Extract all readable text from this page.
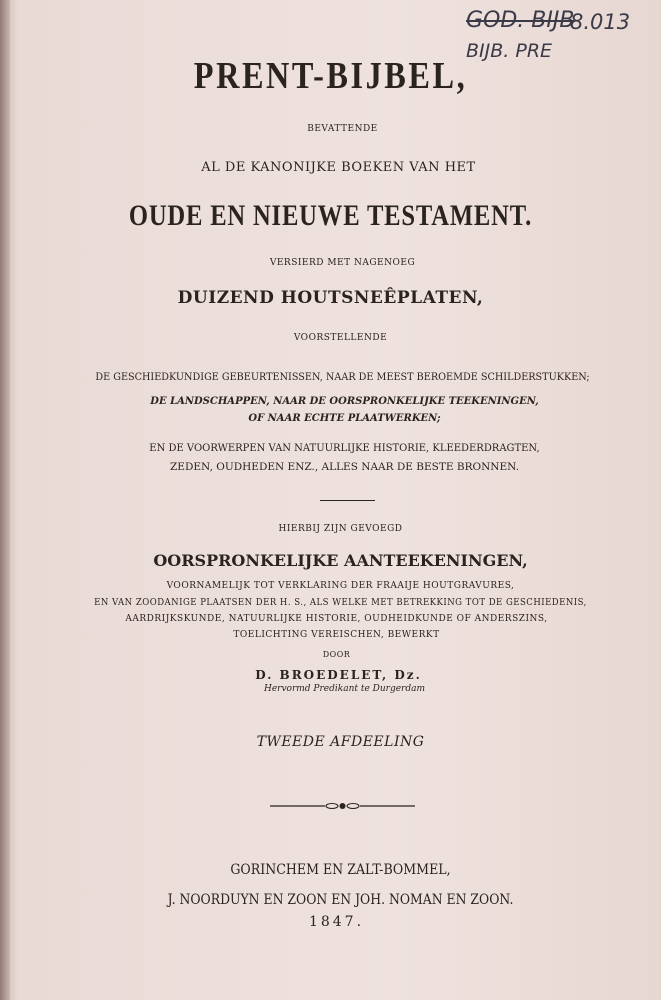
GOD. BIJB
8.013
BIJB. PRE
PRENT-BIJBEL,
BEVATTENDE
AL DE KANONIJKE BOEKEN VAN HET
OUDE EN NIEUWE TESTAMENT.
VERSIERD MET NAGENOEG
DUIZEND HOUTSNEÊPLATEN,
VOORSTELLENDE
DE GESCHIEDKUNDIGE GEBEURTENISSEN, NAAR DE MEEST BEROEMDE SCHILDERSTUKKEN;
DE LANDSCHAPPEN, NAAR DE OORSPRONKELIJKE TEEKENINGEN,
OF NAAR ECHTE PLAATWERKEN;
EN DE VOORWERPEN VAN NATUURLIJKE HISTORIE, KLEEDERDRAGTEN,
ZEDEN, OUDHEDEN ENZ., ALLES NAAR DE BESTE BRONNEN.
HIERBIJ ZIJN GEVOEGD
OORSPRONKELIJKE AANTEEKENINGEN,
VOORNAMELIJK TOT VERKLARING DER FRAAIJE HOUTGRAVURES,
EN VAN ZOODANIGE PLAATSEN DER H. S., ALS WELKE MET BETREKKING TOT DE GESCHIEDENIS,
AARDRIJKSKUNDE, NATUURLIJKE HISTORIE, OUDHEIDKUNDE OF ANDERSZINS,
TOELICHTING VEREISCHEN, BEWERKT
DOOR
D. BROEDELET, Dz.
Hervormd Predikant te Durgerdam
TWEEDE AFDEELING
GORINCHEM EN ZALT-BOMMEL,
J. NOORDUYN EN ZOON EN JOH. NOMAN EN ZOON.
1847.
